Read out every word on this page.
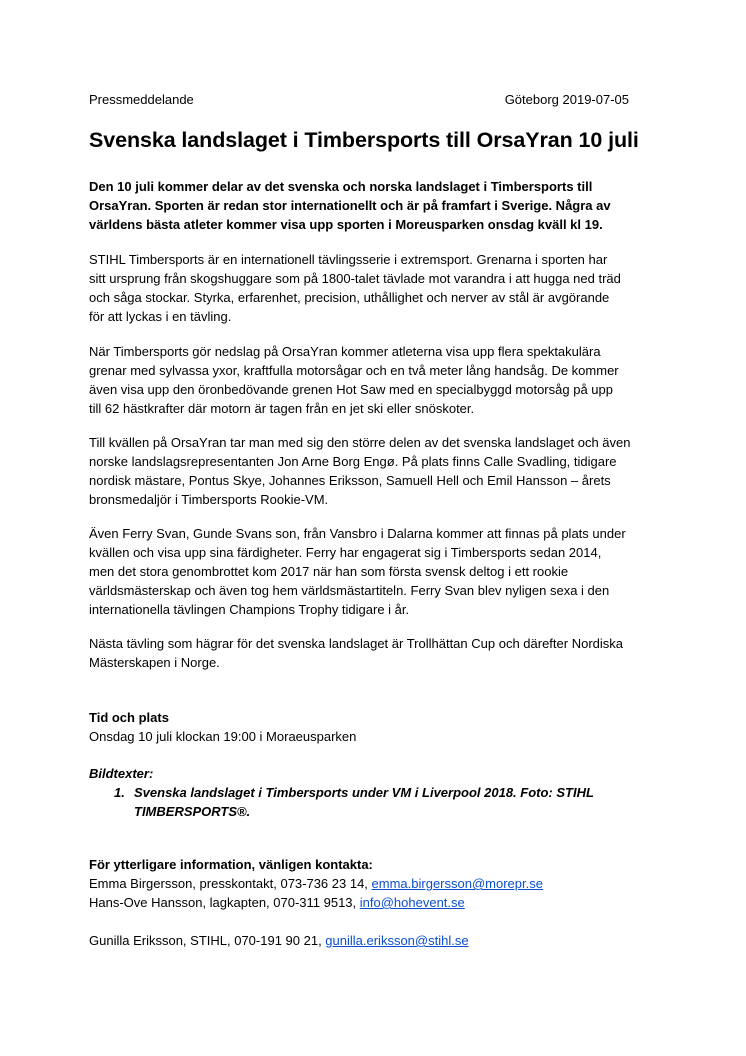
Pressmeddelande	Göteborg 2019-07-05
Svenska landslaget i Timbersports till OrsaYran 10 juli
Den 10 juli kommer delar av det svenska och norska landslaget i Timbersports till
OrsaYran. Sporten är redan stor internationellt och är på framfart i Sverige. Några av
världens bästa atleter kommer visa upp sporten i Moreusparken onsdag kväll kl 19.
STIHL Timbersports är en internationell tävlingsserie i extremsport. Grenarna i sporten har
sitt ursprung från skogshuggare som på 1800-talet tävlade mot varandra i att hugga ned träd
och såga stockar. Styrka, erfarenhet, precision, uthållighet och nerver av stål är avgörande
för att lyckas i en tävling.
När Timbersports gör nedslag på OrsaYran kommer atleterna visa upp flera spektakulära
grenar med sylvassa yxor, kraftfulla motorsågar och en två meter lång handsåg. De kommer
även visa upp den öronbedövande grenen Hot Saw med en specialbyggd motorsåg på upp
till 62 hästkrafter där motorn är tagen från en jet ski eller snöskoter.
Till kvällen på OrsaYran tar man med sig den större delen av det svenska landslaget och även
norske landslagsrepresentanten Jon Arne Borg Engø. På plats finns Calle Svadling, tidigare
nordisk mästare, Pontus Skye, Johannes Eriksson, Samuell Hell och Emil Hansson – årets
bronsmedaljör i Timbersports Rookie-VM.
Även Ferry Svan, Gunde Svans son, från Vansbro i Dalarna kommer att finnas på plats under
kvällen och visa upp sina färdigheter. Ferry har engagerat sig i Timbersports sedan 2014,
men det stora genombrottet kom 2017 när han som första svensk deltog i ett rookie
världsmästerskap och även tog hem världsmästartiteln. Ferry Svan blev nyligen sexa i den
internationella tävlingen Champions Trophy tidigare i år.
Nästa tävling som hägrar för det svenska landslaget är Trollhättan Cup och därefter Nordiska
Mästerskapen i Norge.
Tid och plats
Onsdag 10 juli klockan 19:00 i Moraeusparken
Bildtexter:
1. Svenska landslaget i Timbersports under VM i Liverpool 2018. Foto: STIHL
TIMBERSPORTS®.
För ytterligare information, vänligen kontakta:
Emma Birgersson, presskontakt, 073-736 23 14, emma.birgersson@morepr.se
Hans-Ove Hansson, lagkapten, 070-311 9513, info@hohevent.se
Gunilla Eriksson, STIHL, 070-191 90 21, gunilla.eriksson@stihl.se
